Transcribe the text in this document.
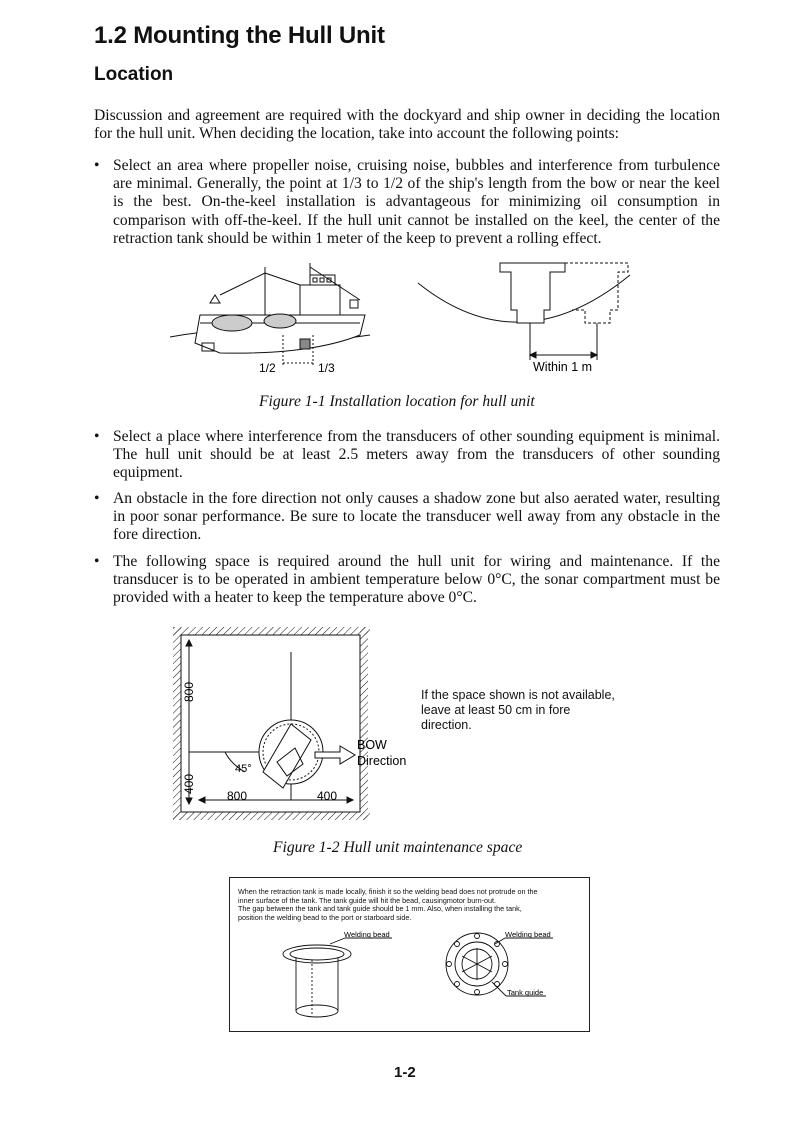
1.2 Mounting the Hull Unit
Location

Discussion and agreement are required with the dockyard and ship owner in deciding the location for the hull unit. When deciding the location, take into account the following points:

• Select an area where propeller noise, cruising noise, bubbles and interference from turbulence are minimal. Generally, the point at 1/3 to 1/2 of the ship's length from the bow or near the keel is the best. On-the-keel installation is advantageous for minimizing oil consumption in comparison with off-the-keel. If the hull unit cannot be installed on the keel, the center of the retraction tank should be within 1 meter of the keep to prevent a rolling effect.
1/2	1/3	Within 1 m
Figure 1-1 Installation location for hull unit
• Select a place where interference from the transducers of other sounding equipment is minimal. The hull unit should be at least 2.5 meters away from the transducers of other sounding equipment.
• An obstacle in the fore direction not only causes a shadow zone but also aerated water, resulting in poor sonar performance. Be sure to locate the transducer well away from any obstacle in the fore direction.
• The following space is required around the hull unit for wiring and maintenance. If the transducer is to be operated in ambient temperature below 0°C, the sonar compartment must be provided with a heater to keep the temperature above 0°C.
800
400
800	400
45°
BOW
Direction
If the space shown is not available,
leave at least 50 cm in fore
direction.
Figure 1-2 Hull unit maintenance space
When the retraction tank is made locally, finish it so the welding bead does not protrude on the
inner surface of the tank. The tank guide will hit the bead, causingmotor burn-out.
The gap between the tank and tank guide should be 1 mm. Also, when installing the tank,
position the welding bead to the port or starboard side.
Welding bead	Welding bead
Tank guide
1-2
